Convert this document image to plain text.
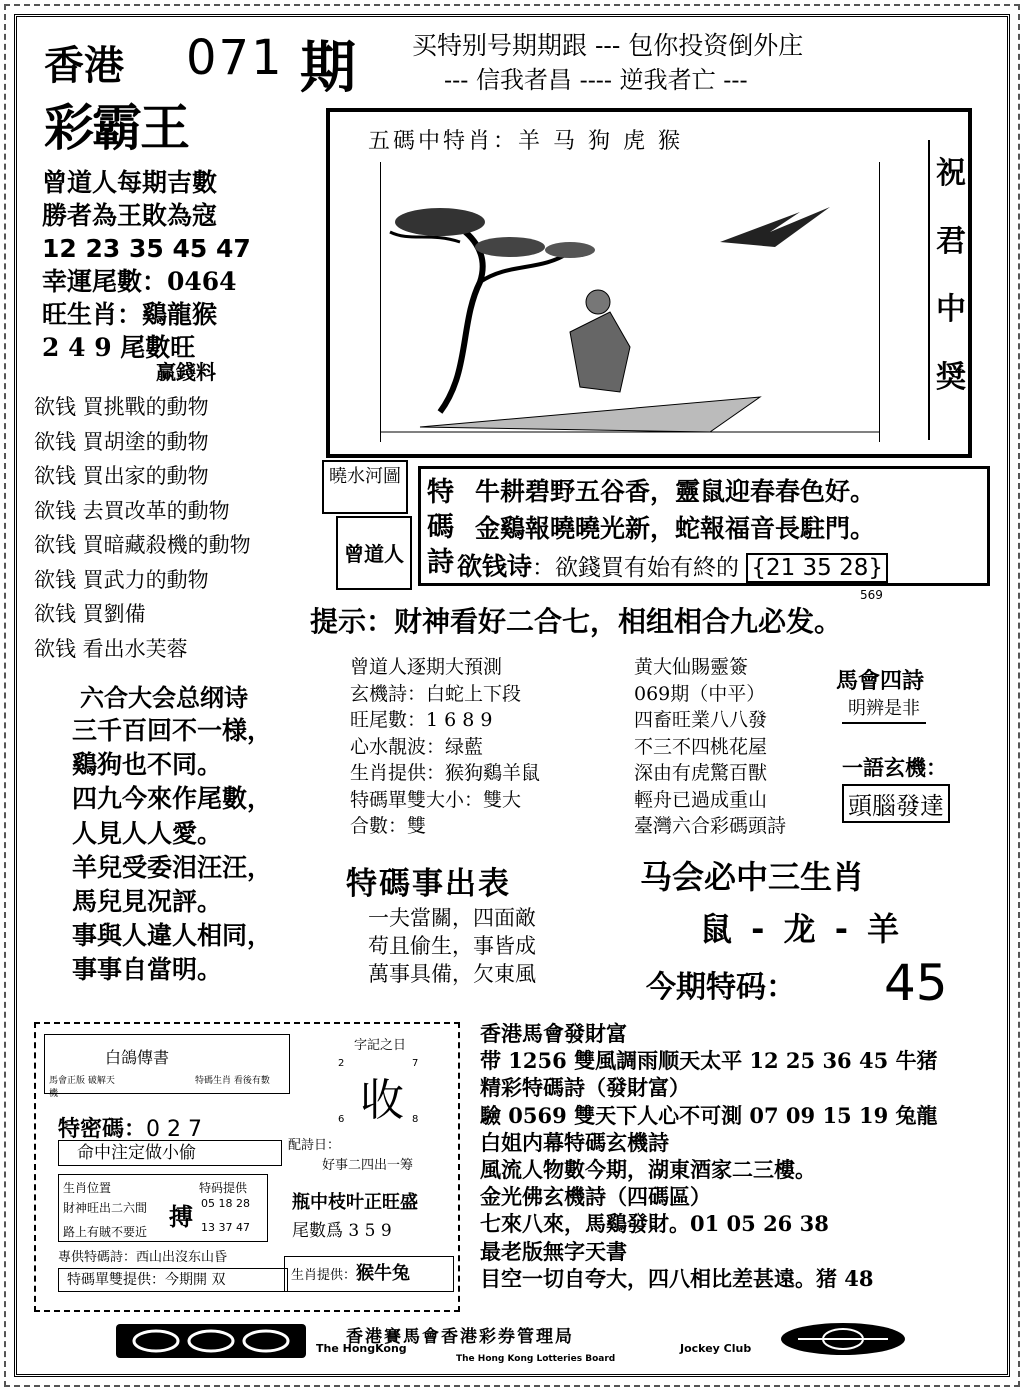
香港 071 期
彩霸王
买特别号期期跟 --- 包你投资倒外庄
--- 信我者昌 ---- 逆我者亡 ---
曾道人每期吉數
勝者為王敗為寇
12 23 35 45 47
幸運尾數：0464
旺生肖：鷄龍猴
2 4 9 尾數旺
赢錢料
欲钱 買挑戰的動物
欲钱 買胡塗的動物
欲钱 買出家的動物
欲钱 去買改革的動物
欲钱 買暗藏殺機的動物
欲钱 買武力的動物
欲钱 買劉備
欲钱 看出水芙蓉
五碼中特肖：羊 马 狗 虎 猴
祝
君
中
奨
曉水河圖
曾道人
特
碼
詩
牛耕碧野五谷香，靈鼠迎春春色好。
金鷄報曉曉光新，蛇報福音長駐門。
欲钱诗：欲錢買有始有終的 {21 35 28}
569
提示：财神看好二合七，相组相合九必发。
六合大会总纲诗
三千百回不一様，
鷄狗也不同。
四九今來作尾數，
人見人人愛。
羊兒受委泪汪汪，
馬兒見况評。
事與人違人相同，
事事自當明。
曾道人逐期大預測
玄機詩：白蛇上下段
旺尾數：1 6 8 9
心水靚波：绿藍
生肖提供：猴狗鷄羊鼠
特碼單雙大小：雙大
合數：雙
特碼事出表
一夫當關，四面敵
苟且偷生，事皆成
萬事具備，欠東風
黄大仙賜靈簽
069期（中平）
四畜旺業八八發
不三不四桃花屋
深由有虎驚百獸
輕舟已過成重山
臺灣六合彩碼頭詩
馬會四詩
明辨是非
一語玄機：
頭腦發達
马会必中三生肖
鼠 - 龙 - 羊
今期特码： 45
白鴿傳書
馬會正版 破解天機
特碼生肖 看後有數
特密碼：0 2 7
命中注定做小偷
生肖位置	特码提供
財神旺出二六間	05 18 28
路上有賊不要近	13 37 47
搏
專供特碼詩：西山出沒东山昏
特碼單雙提供：今期開 双
字記之日
2	7
收
6	8
配詩日：
好事二四出一筹
瓶中枝叶正旺盛
尾數爲 3 5 9
生肖提供：猴牛兔
香港馬會發財富
带 1256 雙風調雨顺天太平 12 25 36 45 牛猪
精彩特碼詩（發財富）
驗 0569 雙天下人心不可測 07 09 15 19 兔龍
白姐内幕特碼玄機詩
風流人物數今期，湖東酒家二三樓。
金光佛玄機詩（四碼區）
七來八來，馬鷄發財。01 05 26 38
最老版無字天書
目空一切自夸大，四八相比差甚遠。猪 48
香港賽馬會香港彩券管理局
The HongKong	Jockey Club
The Hong Kong Lotteries Board
